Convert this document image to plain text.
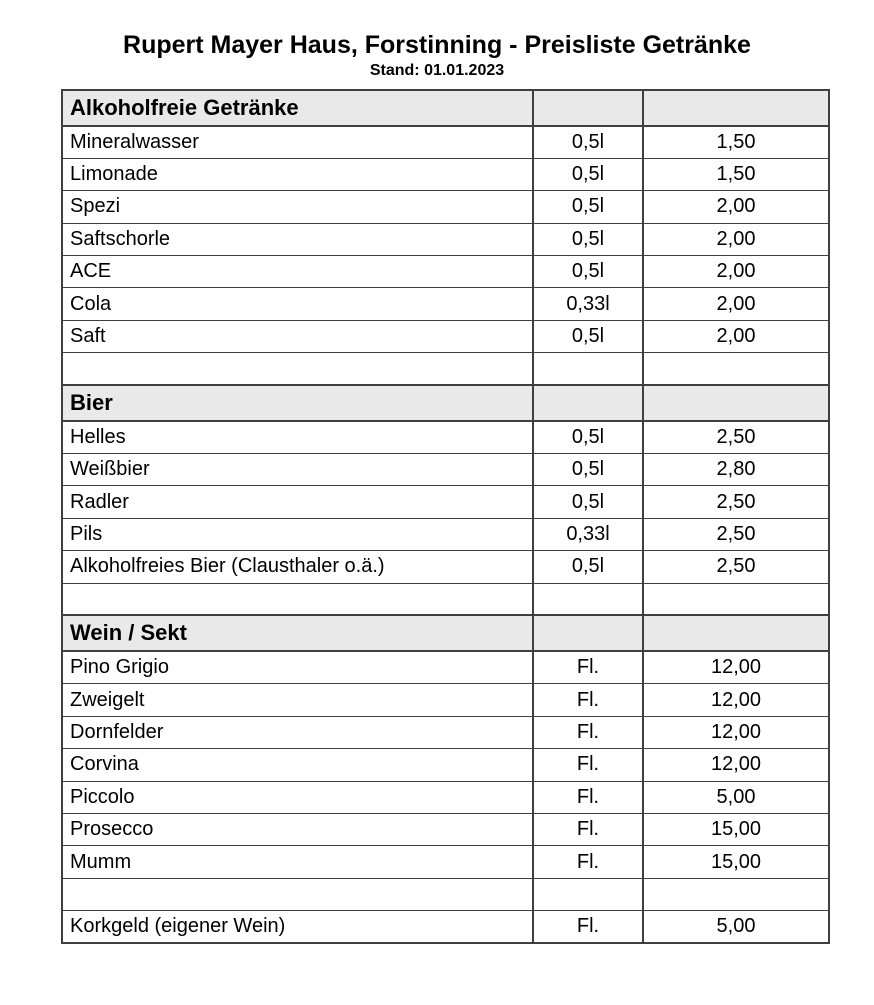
Rupert Mayer Haus, Forstinning - Preisliste Getränke
Stand: 01.01.2023
Alkoholfreie Getränke		
Mineralwasser	0,5l	1,50
Limonade	0,5l	1,50
Spezi	0,5l	2,00
Saftschorle	0,5l	2,00
ACE	0,5l	2,00
Cola	0,33l	2,00
Saft	0,5l	2,00

Bier		
Helles	0,5l	2,50
Weißbier	0,5l	2,80
Radler	0,5l	2,50
Pils	0,33l	2,50
Alkoholfreies Bier (Clausthaler o.ä.)	0,5l	2,50

Wein / Sekt		
Pino Grigio	Fl.	12,00
Zweigelt	Fl.	12,00
Dornfelder	Fl.	12,00
Corvina	Fl.	12,00
Piccolo	Fl.	5,00
Prosecco	Fl.	15,00
Mumm	Fl.	15,00

Korkgeld (eigener Wein)	Fl.	5,00
